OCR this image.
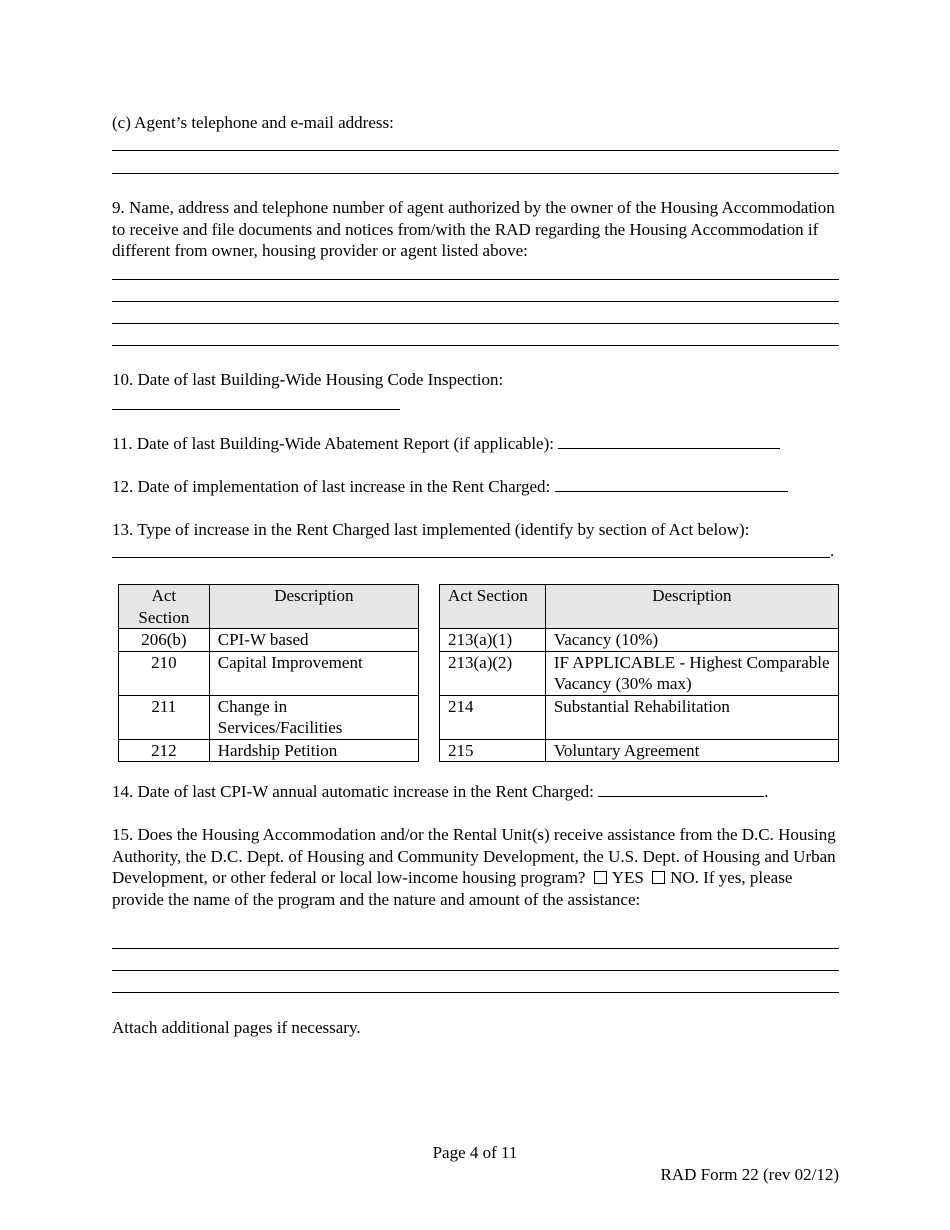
(c) Agent’s telephone and e-mail address:
9. Name, address and telephone number of agent authorized by the owner of the Housing Accommodation to receive and file documents and notices from/with the RAD regarding the Housing Accommodation if different from owner, housing provider or agent listed above:
10. Date of last Building-Wide Housing Code Inspection:
11. Date of last Building-Wide Abatement Report (if applicable):
12. Date of implementation of last increase in the Rent Charged:
13. Type of increase in the Rent Charged last implemented (identify by section of Act below):
.
Act Section	Description
206(b)	CPI-W based
210	Capital Improvement
211	Change in Services/Facilities
212	Hardship Petition
Act Section	Description
213(a)(1)	Vacancy (10%)
213(a)(2)	IF APPLICABLE - Highest Comparable Vacancy (30% max)
214	Substantial Rehabilitation
215	Voluntary Agreement
14. Date of last CPI-W annual automatic increase in the Rent Charged:	.
15. Does the Housing Accommodation and/or the Rental Unit(s) receive assistance from the D.C. Housing Authority, the D.C. Dept. of Housing and Community Development, the U.S. Dept. of Housing and Urban Development, or other federal or local low-income housing program? YES NO. If yes, please provide the name of the program and the nature and amount of the assistance:
Attach additional pages if necessary.
Page 4 of 11
RAD Form 22 (rev 02/12)
